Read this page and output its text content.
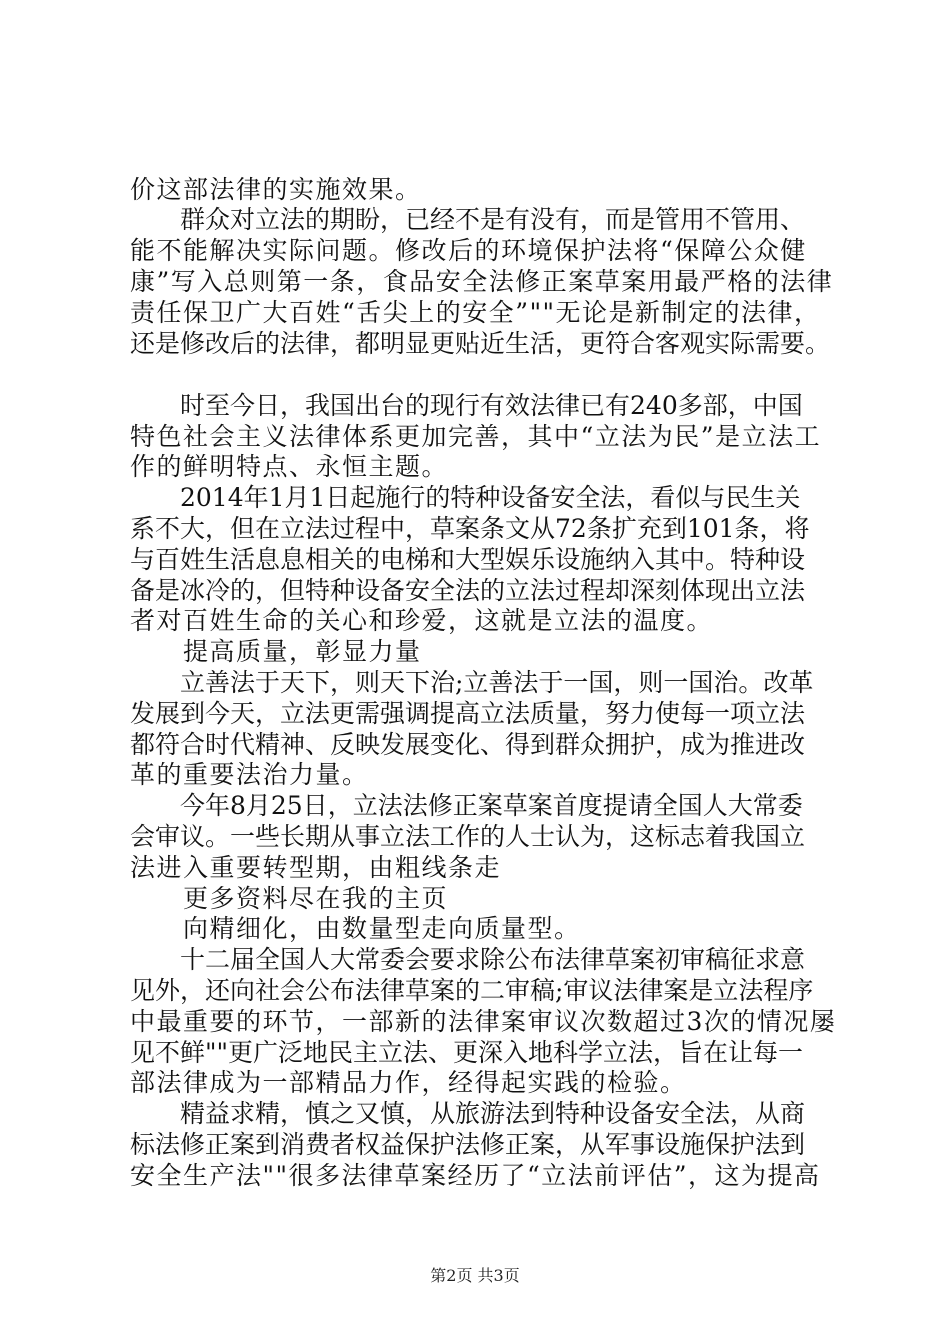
价这部法律的实施效果。
　　群众对立法的期盼，已经不是有没有，而是管用不管用、
能不能解决实际问题。修改后的环境保护法将“保障公众健
康”写入总则第一条，食品安全法修正案草案用最严格的法律
责任保卫广大百姓“舌尖上的安全”""无论是新制定的法律，
还是修改后的法律，都明显更贴近生活，更符合客观实际需要。
　　时至今日，我国出台的现行有效法律已有240多部，中国
特色社会主义法律体系更加完善，其中“立法为民”是立法工
作的鲜明特点、永恒主题。
　　2014年1月1日起施行的特种设备安全法，看似与民生关
系不大，但在立法过程中，草案条文从72条扩充到101条，将
与百姓生活息息相关的电梯和大型娱乐设施纳入其中。特种设
备是冰冷的，但特种设备安全法的立法过程却深刻体现出立法
者对百姓生命的关心和珍爱，这就是立法的温度。
　　提高质量，彰显力量
　　立善法于天下，则天下治;立善法于一国，则一国治。改革
发展到今天，立法更需强调提高立法质量，努力使每一项立法
都符合时代精神、反映发展变化、得到群众拥护，成为推进改
革的重要法治力量。
　　今年8月25日，立法法修正案草案首度提请全国人大常委
会审议。一些长期从事立法工作的人士认为，这标志着我国立
法进入重要转型期，由粗线条走
　　更多资料尽在我的主页
　　向精细化，由数量型走向质量型。
　　十二届全国人大常委会要求除公布法律草案初审稿征求意
见外，还向社会公布法律草案的二审稿;审议法律案是立法程序
中最重要的环节，一部新的法律案审议次数超过3次的情况屡
见不鲜""更广泛地民主立法、更深入地科学立法，旨在让每一
部法律成为一部精品力作，经得起实践的检验。
　　精益求精，慎之又慎，从旅游法到特种设备安全法，从商
标法修正案到消费者权益保护法修正案，从军事设施保护法到
安全生产法""很多法律草案经历了“立法前评估”，这为提高
第2页 共3页
